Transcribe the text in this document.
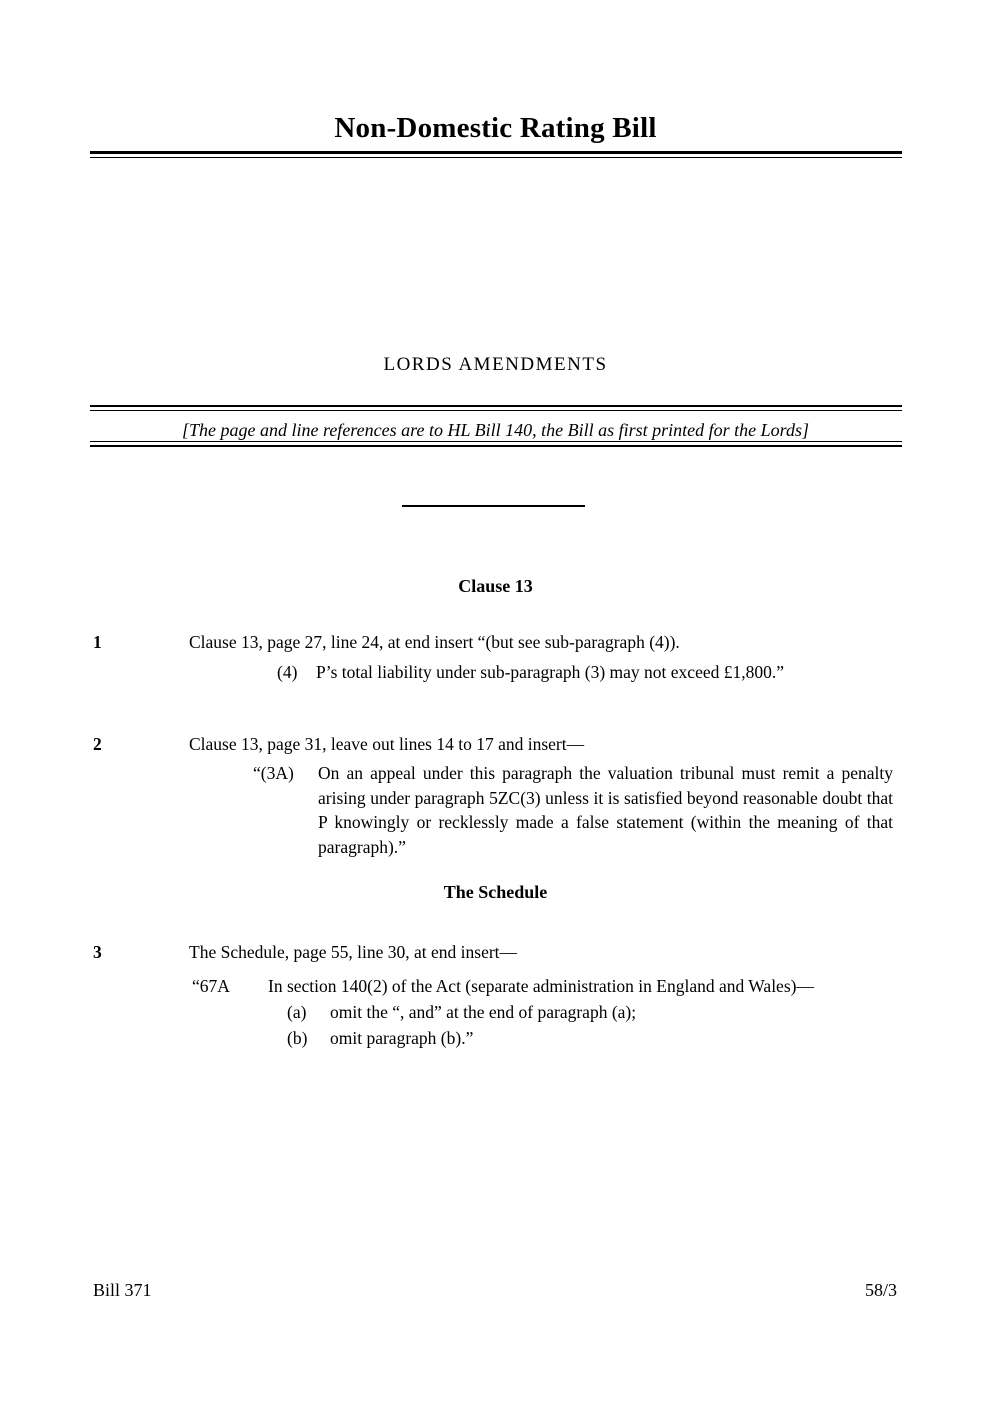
Non-Domestic Rating Bill
LORDS AMENDMENTS
[The page and line references are to HL Bill 140, the Bill as first printed for the Lords]
Clause 13
1	Clause 13, page 27, line 24, at end insert “(but see sub-paragraph (4)).
(4) P’s total liability under sub-paragraph (3) may not exceed £1,800.”
2	Clause 13, page 31, leave out lines 14 to 17 and insert—
“(3A) On an appeal under this paragraph the valuation tribunal must remit a penalty arising under paragraph 5ZC(3) unless it is satisfied beyond reasonable doubt that P knowingly or recklessly made a false statement (within the meaning of that paragraph).”
The Schedule
3	The Schedule, page 55, line 30, at end insert—
“67A In section 140(2) of the Act (separate administration in England and Wales)—
(a) omit the “, and” at the end of paragraph (a);
(b) omit paragraph (b).”
Bill 371	58/3
